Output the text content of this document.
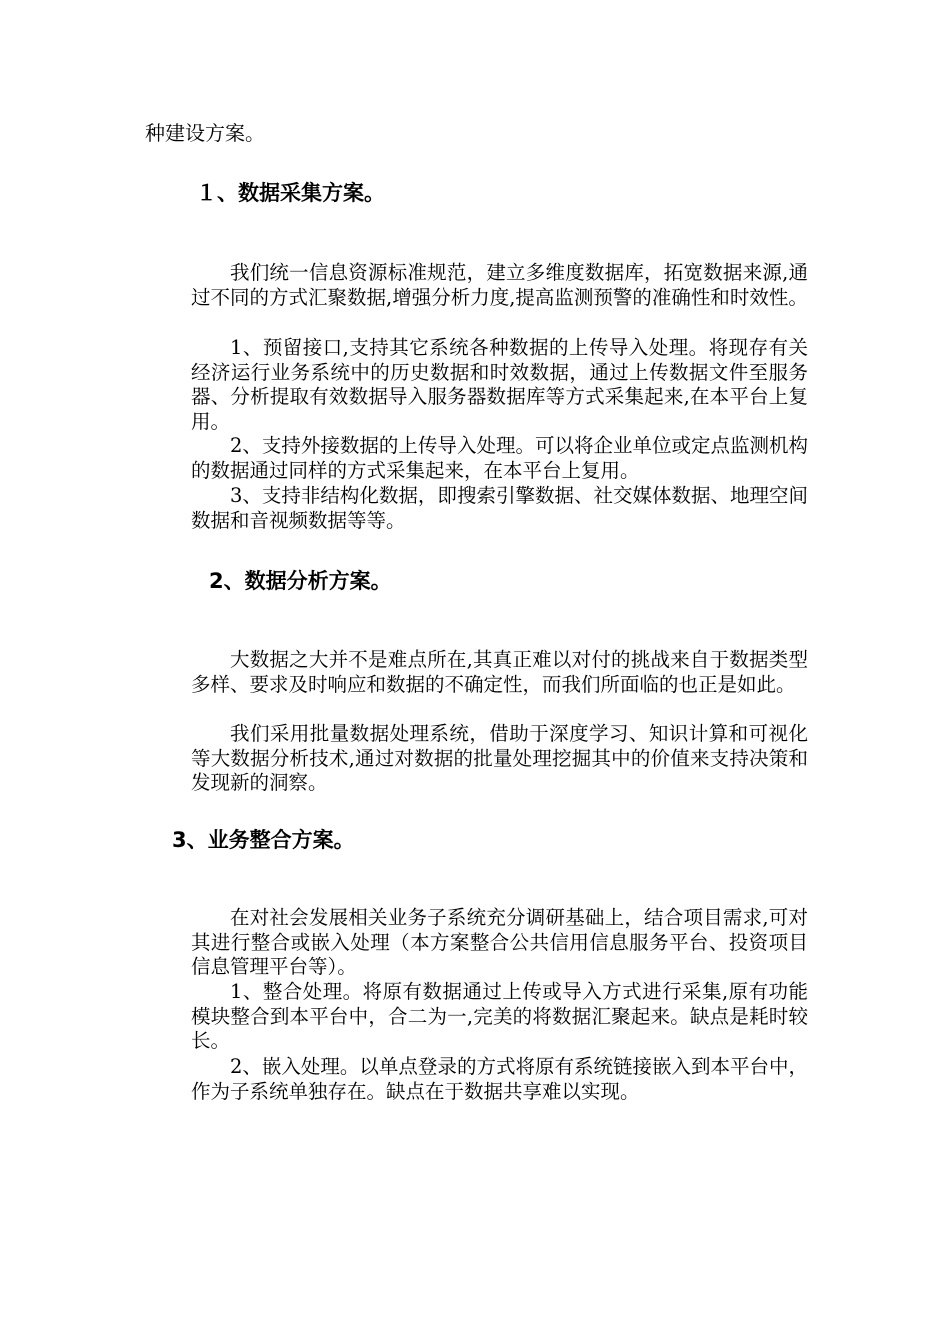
种建设方案。
１、数据采集方案。

我们统一信息资源标准规范，建立多维度数据库，拓宽数据来源,通过不同的方式汇聚数据,增强分析力度,提高监测预警的准确性和时效性。

1、预留接口,支持其它系统各种数据的上传导入处理。将现存有关经济运行业务系统中的历史数据和时效数据，通过上传数据文件至服务器、分析提取有效数据导入服务器数据库等方式采集起来,在本平台上复用。

2、支持外接数据的上传导入处理。可以将企业单位或定点监测机构的数据通过同样的方式采集起来，在本平台上复用。

3、支持非结构化数据，即搜索引擎数据、社交媒体数据、地理空间数据和音视频数据等等。

2、数据分析方案。

大数据之大并不是难点所在,其真正难以对付的挑战来自于数据类型多样、要求及时响应和数据的不确定性，而我们所面临的也正是如此。

我们采用批量数据处理系统，借助于深度学习、知识计算和可视化等大数据分析技术,通过对数据的批量处理挖掘其中的价值来支持决策和发现新的洞察。

3、业务整合方案。

在对社会发展相关业务子系统充分调研基础上，结合项目需求,可对其进行整合或嵌入处理（本方案整合公共信用信息服务平台、投资项目信息管理平台等）。

1、整合处理。将原有数据通过上传或导入方式进行采集,原有功能模块整合到本平台中，合二为一,完美的将数据汇聚起来。缺点是耗时较长。

2、嵌入处理。以单点登录的方式将原有系统链接嵌入到本平台中，作为子系统单独存在。缺点在于数据共享难以实现。
